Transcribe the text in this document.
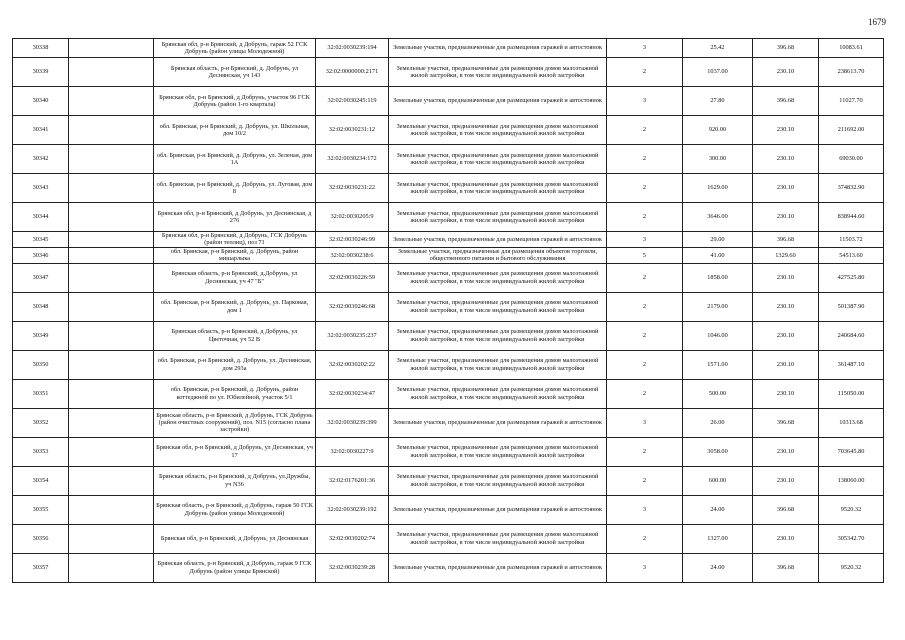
1679
30338		Брянская обл, р-н Брянский, д Добрунь, гараж 52 ГСК Добрунь (район улицы Молодежной)	32:02:0030239:194	Земельные участки, предназначенные для размещения гаражей и автостоянок	3	25.42	396.68	10083.61
30339		Брянская область, р-н Брянский, д. Добрунь, ул Деснянская, уч 143	32:02:0000000:2171	Земельные участки, предназначенные для размещения домов малоэтажной жилой застройки, в том числе индивидуальной жилой застройки	2	1037.00	230.10	238613.70
30340		Брянская обл, р-н Брянский, д Добрунь, участок 96 ГСК Добрунь (район 1-го квартала)	32:02:0030245:119	Земельные участки, предназначенные для размещения гаражей и автостоянок	3	27.80	396.68	11027.70
30341		обл. Брянская, р-н Брянский, д. Добрунь, ул. Школьная, дом 10/2	32:02:0030231:12	Земельные участки, предназначенные для размещения домов малоэтажной жилой застройки, в том числе индивидуальной жилой застройки	2	920.00	230.10	211692.00
30342		обл. Брянская, р-н Брянский, д. Добрунь, ул. Зеленая, дом 1А	32:02:0030234:172	Земельные участки, предназначенные для размещения домов малоэтажной жилой застройки, в том числе индивидуальной жилой застройки	2	300.00	230.10	69030.00
30343		обл. Брянская, р-н Брянский, д. Добрунь, ул. Луговая, дом 8	32:02:0030231:22	Земельные участки, предназначенные для размещения домов малоэтажной жилой застройки, в том числе индивидуальной жилой застройки	2	1629.00	230.10	374832.90
30344		Брянская обл, р-н Брянский, д Добрунь, ул Деснянская, д 276	32:02:0030205:9	Земельные участки, предназначенные для размещения домов малоэтажной жилой застройки, в том числе индивидуальной жилой застройки	2	3646.00	230.10	838944.60
30345		Брянская обл, р-н Брянский, д Добрунь, ГСК Добрунь (район теплиц), поз 71	32:02:0030246:99	Земельные участки, предназначенные для размещения гаражей и автостоянок	3	29.00	396.68	11503.72
30346		обл. Брянская, р-н Брянский, д. Добрунь, район мишарлыка	32:02:0030238:6	Земельные участки, предназначенные для размещения объектов торговли, общественного питания и бытового обслуживания	5	41.00	1329.60	54513.60
30347		Брянская область, р-н Брянский, д.Добрунь, ул Деснянская, уч 47 "Б"	32:02:0030226:59	Земельные участки, предназначенные для размещения домов малоэтажной жилой застройки, в том числе индивидуальной жилой застройки	2	1858.00	230.10	427525.80
30348		обл. Брянская, р-н Брянский, д. Добрунь, ул. Парковая, дом 1	32:02:0030246:68	Земельные участки, предназначенные для размещения домов малоэтажной жилой застройки, в том числе индивидуальной жилой застройки	2	2179.00	230.10	501387.90
30349		Брянская область, р-н Брянский, д Добрунь, ул Цветочная, уч 52 В	32:02:0030235:237	Земельные участки, предназначенные для размещения домов малоэтажной жилой застройки, в том числе индивидуальной жилой застройки	2	1046.00	230.10	240684.60
30350		обл. Брянская, р-н Брянский, д. Добрунь, ул. Деснянская, дом 293а	32:02:0030202:22	Земельные участки, предназначенные для размещения домов малоэтажной жилой застройки, в том числе индивидуальной жилой застройки	2	1571.00	230.10	361487.10
30351		обл. Брянская, р-н Брянский, д. Добрунь, район коттеджной по ул. Юбилейной, участок 5/1	32:02:0030234:47	Земельные участки, предназначенные для размещения домов малоэтажной жилой застройки, в том числе индивидуальной жилой застройки	2	500.00	230.10	115050.00
30352		Брянская область, р-н Брянский, д Добрунь, ГСК Добрунь (район очистных сооружений), поз. N15 (согласно плана застройки)	32:02:0030239:399	Земельные участки, предназначенные для размещения гаражей и автостоянок	3	26.00	396.68	10313.68
30353		Брянская обл, р-н Брянский, д Добрунь, ул Деснянская, уч 17	32:02:0030227:9	Земельные участки, предназначенные для размещения домов малоэтажной жилой застройки, в том числе индивидуальной жилой застройки	2	3058.00	230.10	703645.80
30354		Брянская область, р-н Брянский, д Добрунь, ул.Дружбы, уч N36	32:02:0176201:36	Земельные участки, предназначенные для размещения домов малоэтажной жилой застройки, в том числе индивидуальной жилой застройки	2	600.00	230.10	138060.00
30355		Брянская область, р-н Брянский, д Добрунь, гараж 50 ГСК Добрунь (район улицы Молодежной)	32:02:0030239:192	Земельные участки, предназначенные для размещения гаражей и автостоянок	3	24.00	396.68	9520.32
30356		Брянская обл, р-н Брянский, д Добрунь, ул Деснянская	32:02:0030202:74	Земельные участки, предназначенные для размещения домов малоэтажной жилой застройки, в том числе индивидуальной жилой застройки	2	1327.00	230.10	305342.70
30357		Брянская область, р-н Брянский, д Добрунь, гараж 9 ГСК Добрунь (район улицы Брянской)	32:02:0030239:28	Земельные участки, предназначенные для размещения гаражей и автостоянок	3	24.00	396.68	9520.32
